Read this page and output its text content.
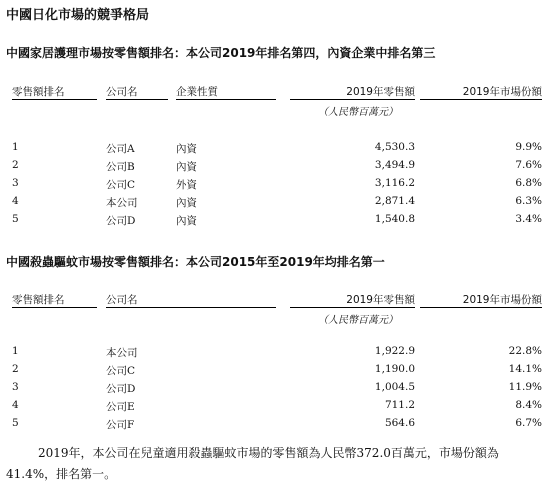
中國日化市場的競爭格局
中國家居護理市場按零售額排名：本公司2019年排名第四，內資企業中排名第三
零售額排名	公司名	企業性質	2019年零售額	2019年市場份額
（人民幣百萬元）
1	公司A	內資	4,530.3	9.9%
2	公司B	內資	3,494.9	7.6%
3	公司C	外資	3,116.2	6.8%
4	本公司	內資	2,871.4	6.3%
5	公司D	內資	1,540.8	3.4%
中國殺蟲驅蚊市場按零售額排名：本公司2015年至2019年均排名第一
零售額排名	公司名	2019年零售額	2019年市場份額
（人民幣百萬元）
1	本公司	1,922.9	22.8%
2	公司C	1,190.0	14.1%
3	公司D	1,004.5	11.9%
4	公司E	711.2	8.4%
5	公司F	564.6	6.7%
2019年，本公司在兒童適用殺蟲驅蚊市場的零售額為人民幣372.0百萬元，市場份額為41.4%，排名第一。
